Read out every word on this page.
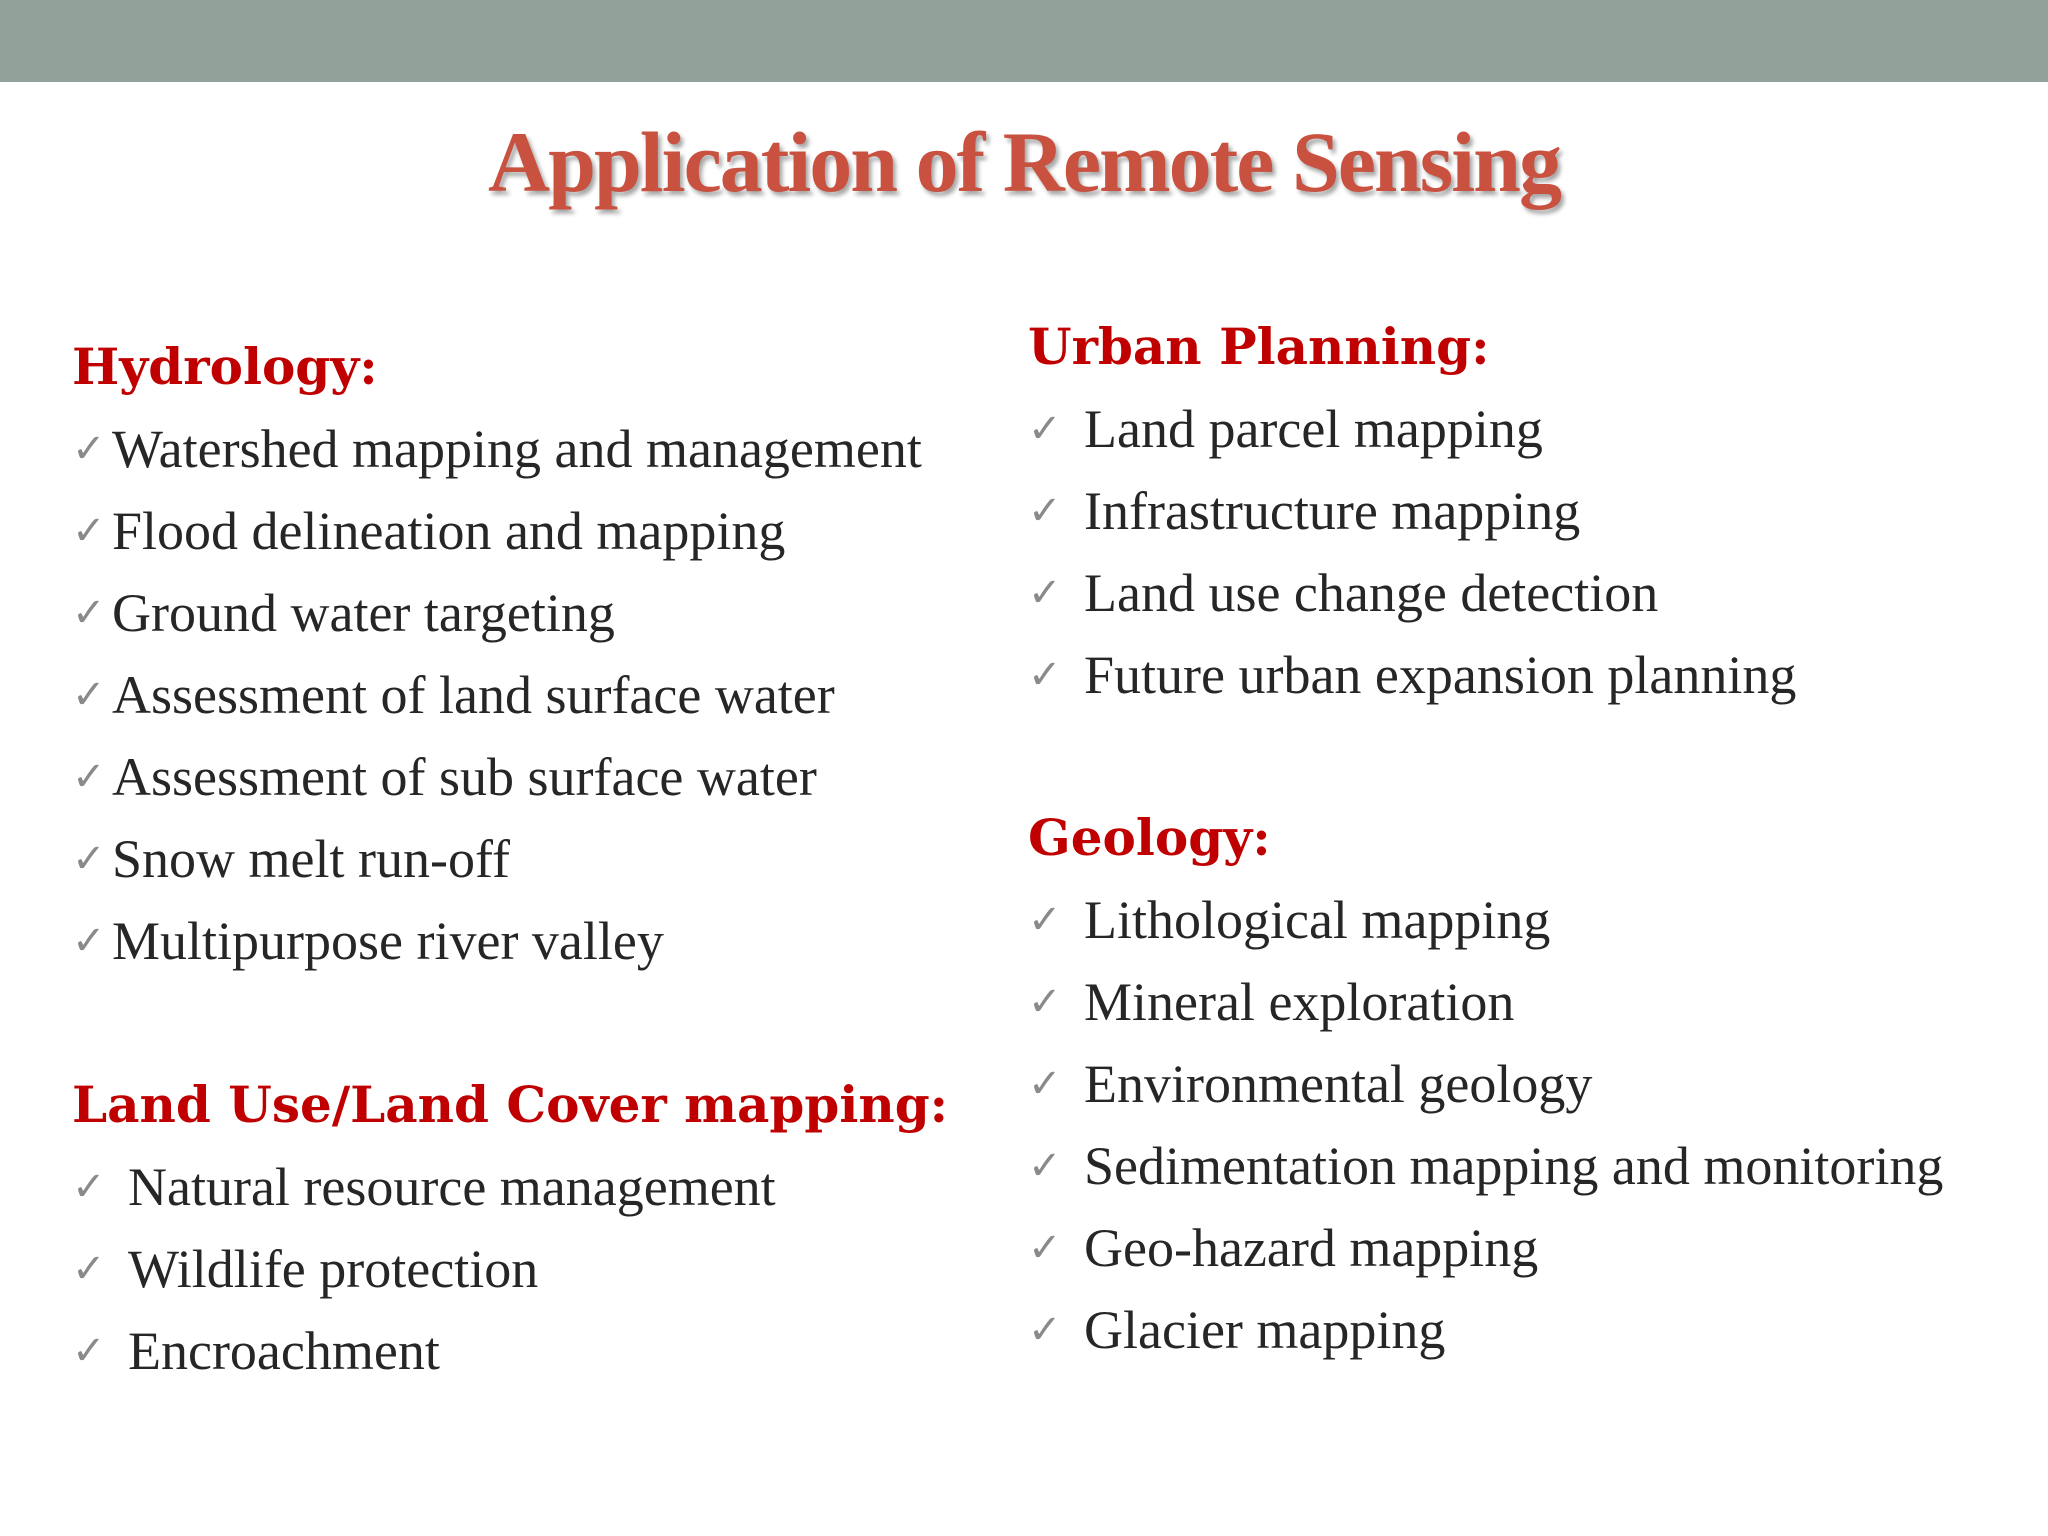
Application of Remote Sensing
Hydrology:
✓ Watershed mapping and management
✓ Flood delineation and mapping
✓ Ground water targeting
✓ Assessment of land surface water
✓ Assessment of sub surface water
✓ Snow melt run-off
✓ Multipurpose river valley
Land Use/Land Cover mapping:
✓ Natural resource management
✓ Wildlife protection
✓ Encroachment
Urban Planning:
✓ Land parcel mapping
✓ Infrastructure mapping
✓ Land use change detection
✓ Future urban expansion planning
Geology:
✓ Lithological mapping
✓ Mineral exploration
✓ Environmental geology
✓ Sedimentation mapping and monitoring
✓ Geo-hazard mapping
✓ Glacier mapping
